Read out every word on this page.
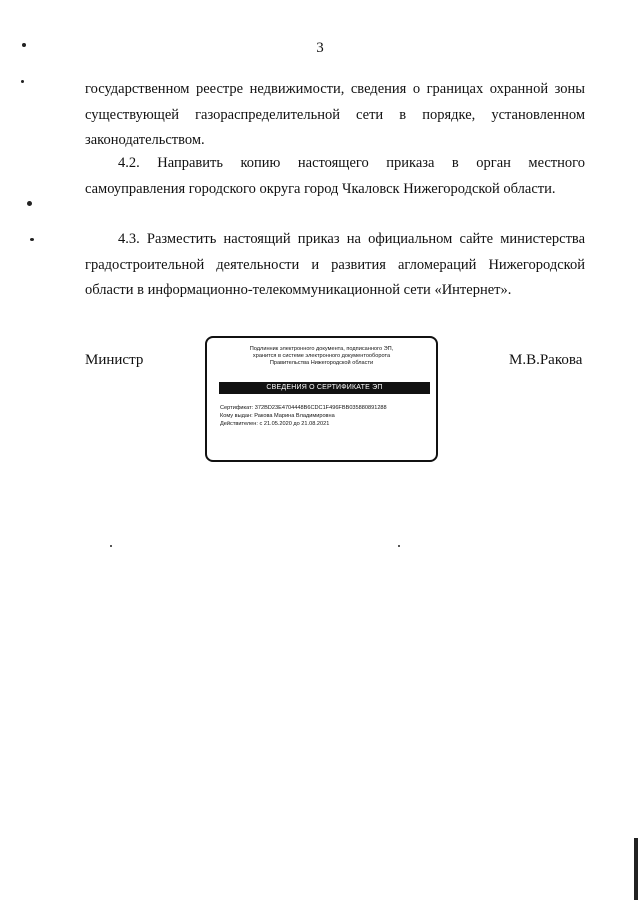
3

государственном реестре недвижимости, сведения о границах охранной зоны существующей газораспределительной сети в порядке, установленном законодательством.

4.2. Направить копию настоящего приказа в орган местного самоуправления городского округа город Чкаловск Нижегородской области.

4.3. Разместить настоящий приказ на официальном сайте министерства градостроительной деятельности и развития агломераций Нижегородской области в информационно-телекоммуникационной сети «Интернет».

Министр	М.В.Ракова
Подлинник электронного документа, подписанного ЭП,
хранится в системе электронного документооборота
Правительства Нижегородской области
СВЕДЕНИЯ О СЕРТИФИКАТЕ ЭП
Сертификат: 372BD23E4704448B6CDC1F496FBB035880891288
Кому выдан: Ракова Марина Владимировна
Действителен: с 21.05.2020 до 21.08.2021
